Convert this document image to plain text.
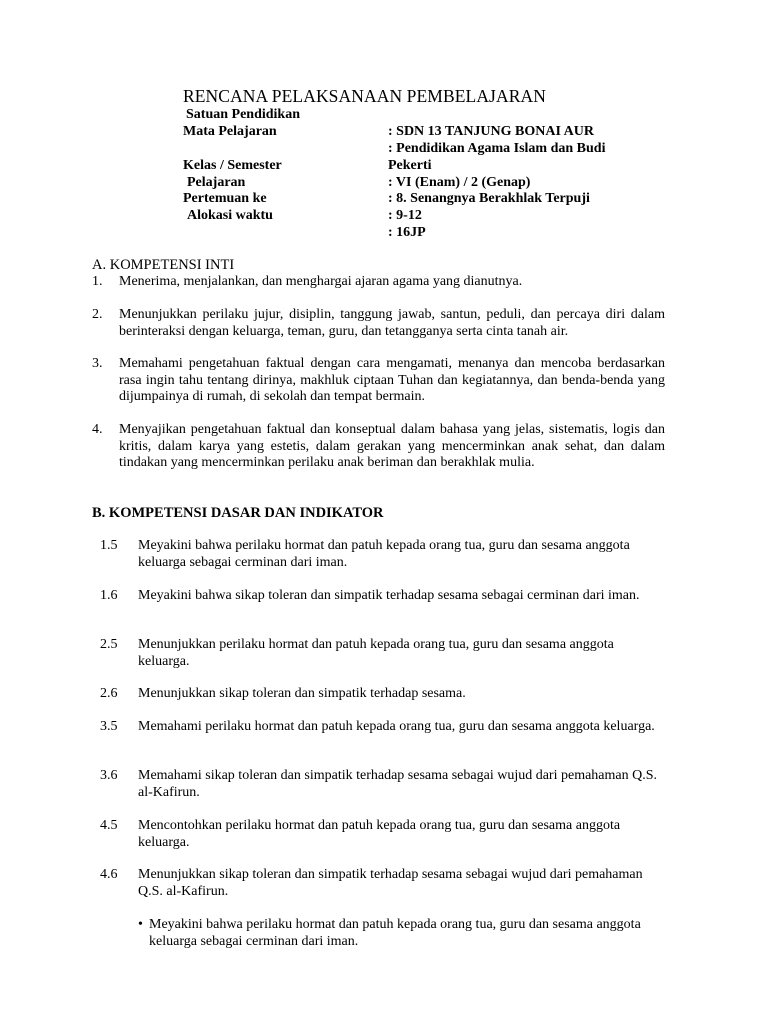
RENCANA PELAKSANAAN PEMBELAJARAN
Satuan Pendidikan
Mata Pelajaran
Kelas / Semester
Pelajaran
Pertemuan ke
Alokasi waktu
: SDN 13 TANJUNG BONAI AUR
: Pendidikan Agama Islam dan Budi
Pekerti
: VI (Enam) / 2 (Genap)
: 8. Senangnya Berakhlak Terpuji
: 9-12
: 16JP
A. KOMPETENSI INTI
1. Menerima, menjalankan, dan menghargai ajaran agama yang dianutnya.
2. Menunjukkan perilaku jujur, disiplin, tanggung jawab, santun, peduli, dan percaya diri dalam berinteraksi dengan keluarga, teman, guru, dan tetangganya serta cinta tanah air.
3. Memahami pengetahuan faktual dengan cara mengamati, menanya dan mencoba berdasarkan rasa ingin tahu tentang dirinya, makhluk ciptaan Tuhan dan kegiatannya, dan benda-benda yang dijumpainya di rumah, di sekolah dan tempat bermain.
4. Menyajikan pengetahuan faktual dan konseptual dalam bahasa yang jelas, sistematis, logis dan kritis, dalam karya yang estetis, dalam gerakan yang mencerminkan anak sehat, dan dalam tindakan yang mencerminkan perilaku anak beriman dan berakhlak mulia.
B. KOMPETENSI DASAR DAN INDIKATOR
1.5 Meyakini bahwa perilaku hormat dan patuh kepada orang tua, guru dan sesama anggota keluarga sebagai cerminan dari iman.
1.6 Meyakini bahwa sikap toleran dan simpatik terhadap sesama sebagai cerminan dari iman.
2.5 Menunjukkan perilaku hormat dan patuh kepada orang tua, guru dan sesama anggota keluarga.
2.6 Menunjukkan sikap toleran dan simpatik terhadap sesama.
3.5 Memahami perilaku hormat dan patuh kepada orang tua, guru dan sesama anggota keluarga.
3.6 Memahami sikap toleran dan simpatik terhadap sesama sebagai wujud dari pemahaman Q.S. al-Kafirun.
4.5 Mencontohkan perilaku hormat dan patuh kepada orang tua, guru dan sesama anggota keluarga.
4.6 Menunjukkan sikap toleran dan simpatik terhadap sesama sebagai wujud dari pemahaman Q.S. al-Kafirun.
• Meyakini bahwa perilaku hormat dan patuh kepada orang tua, guru dan sesama anggota keluarga sebagai cerminan dari iman.
